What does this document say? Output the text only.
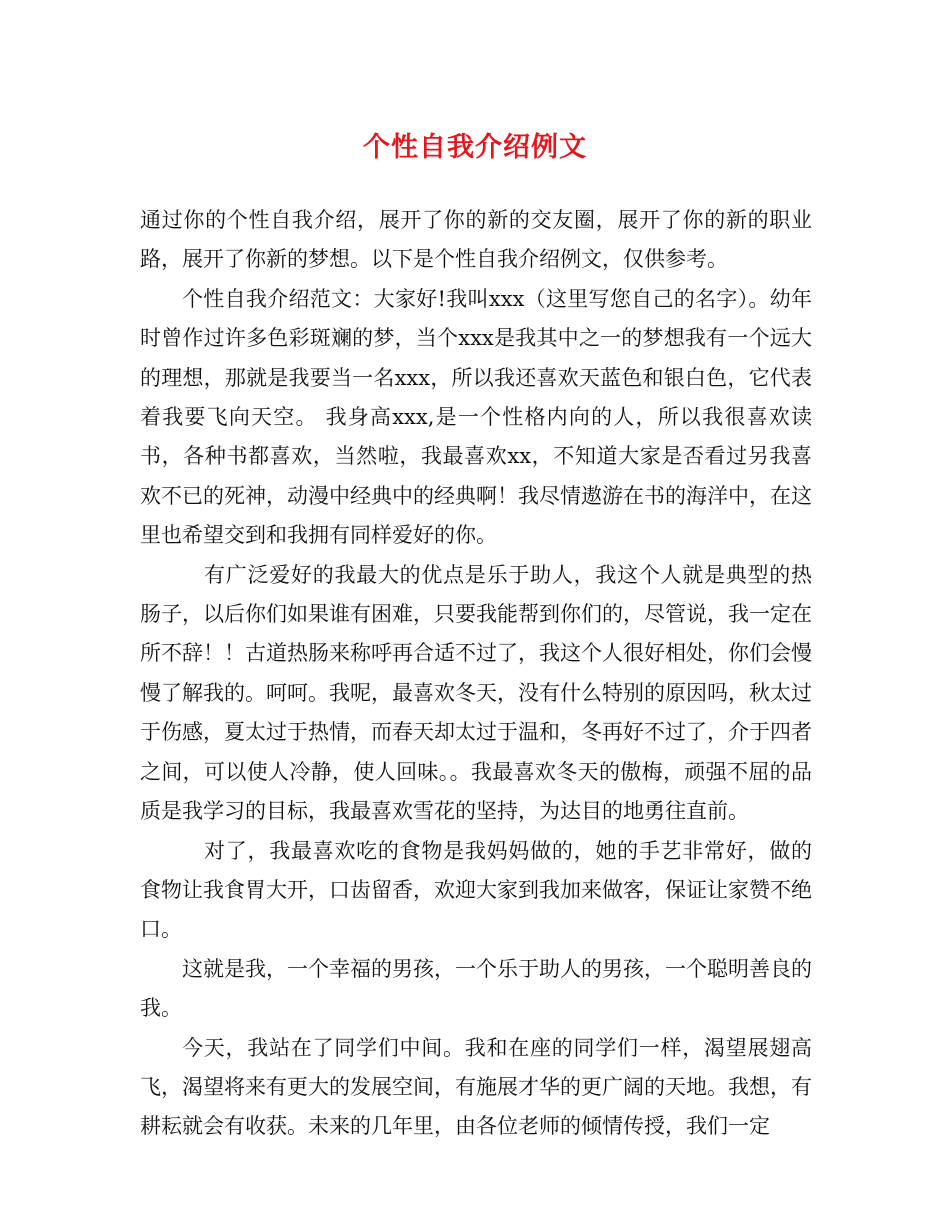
个性自我介绍例文

通过你的个性自我介绍，展开了你的新的交友圈，展开了你的新的职业路，展开了你新的梦想。以下是个性自我介绍例文，仅供参考。

个性自我介绍范文：大家好!我叫xxx（这里写您自己的名字）。幼年时曾作过许多色彩斑斓的梦，当个xxx是我其中之一的梦想我有一个远大的理想，那就是我要当一名xxx，所以我还喜欢天蓝色和银白色，它代表着我要飞向天空。 我身高xxx,是一个性格内向的人，所以我很喜欢读书，各种书都喜欢，当然啦，我最喜欢xx，不知道大家是否看过另我喜欢不已的死神，动漫中经典中的经典啊！我尽情遨游在书的海洋中，在这里也希望交到和我拥有同样爱好的你。

有广泛爱好的我最大的优点是乐于助人，我这个人就是典型的热肠子，以后你们如果谁有困难，只要我能帮到你们的，尽管说，我一定在所不辞！！古道热肠来称呼再合适不过了，我这个人很好相处，你们会慢慢了解我的。呵呵。我呢，最喜欢冬天，没有什么特别的原因吗，秋太过于伤感，夏太过于热情，而春天却太过于温和，冬再好不过了，介于四者之间，可以使人冷静，使人回味。。我最喜欢冬天的傲梅，顽强不屈的品质是我学习的目标，我最喜欢雪花的坚持，为达目的地勇往直前。

对了，我最喜欢吃的食物是我妈妈做的，她的手艺非常好，做的食物让我食胃大开，口齿留香，欢迎大家到我加来做客，保证让家赞不绝口。

这就是我，一个幸福的男孩，一个乐于助人的男孩，一个聪明善良的我。

今天，我站在了同学们中间。我和在座的同学们一样，渴望展翅高飞，渴望将来有更大的发展空间，有施展才华的更广阔的天地。我想，有耕耘就会有收获。未来的几年里，由各位老师的倾情传授，我们一定
